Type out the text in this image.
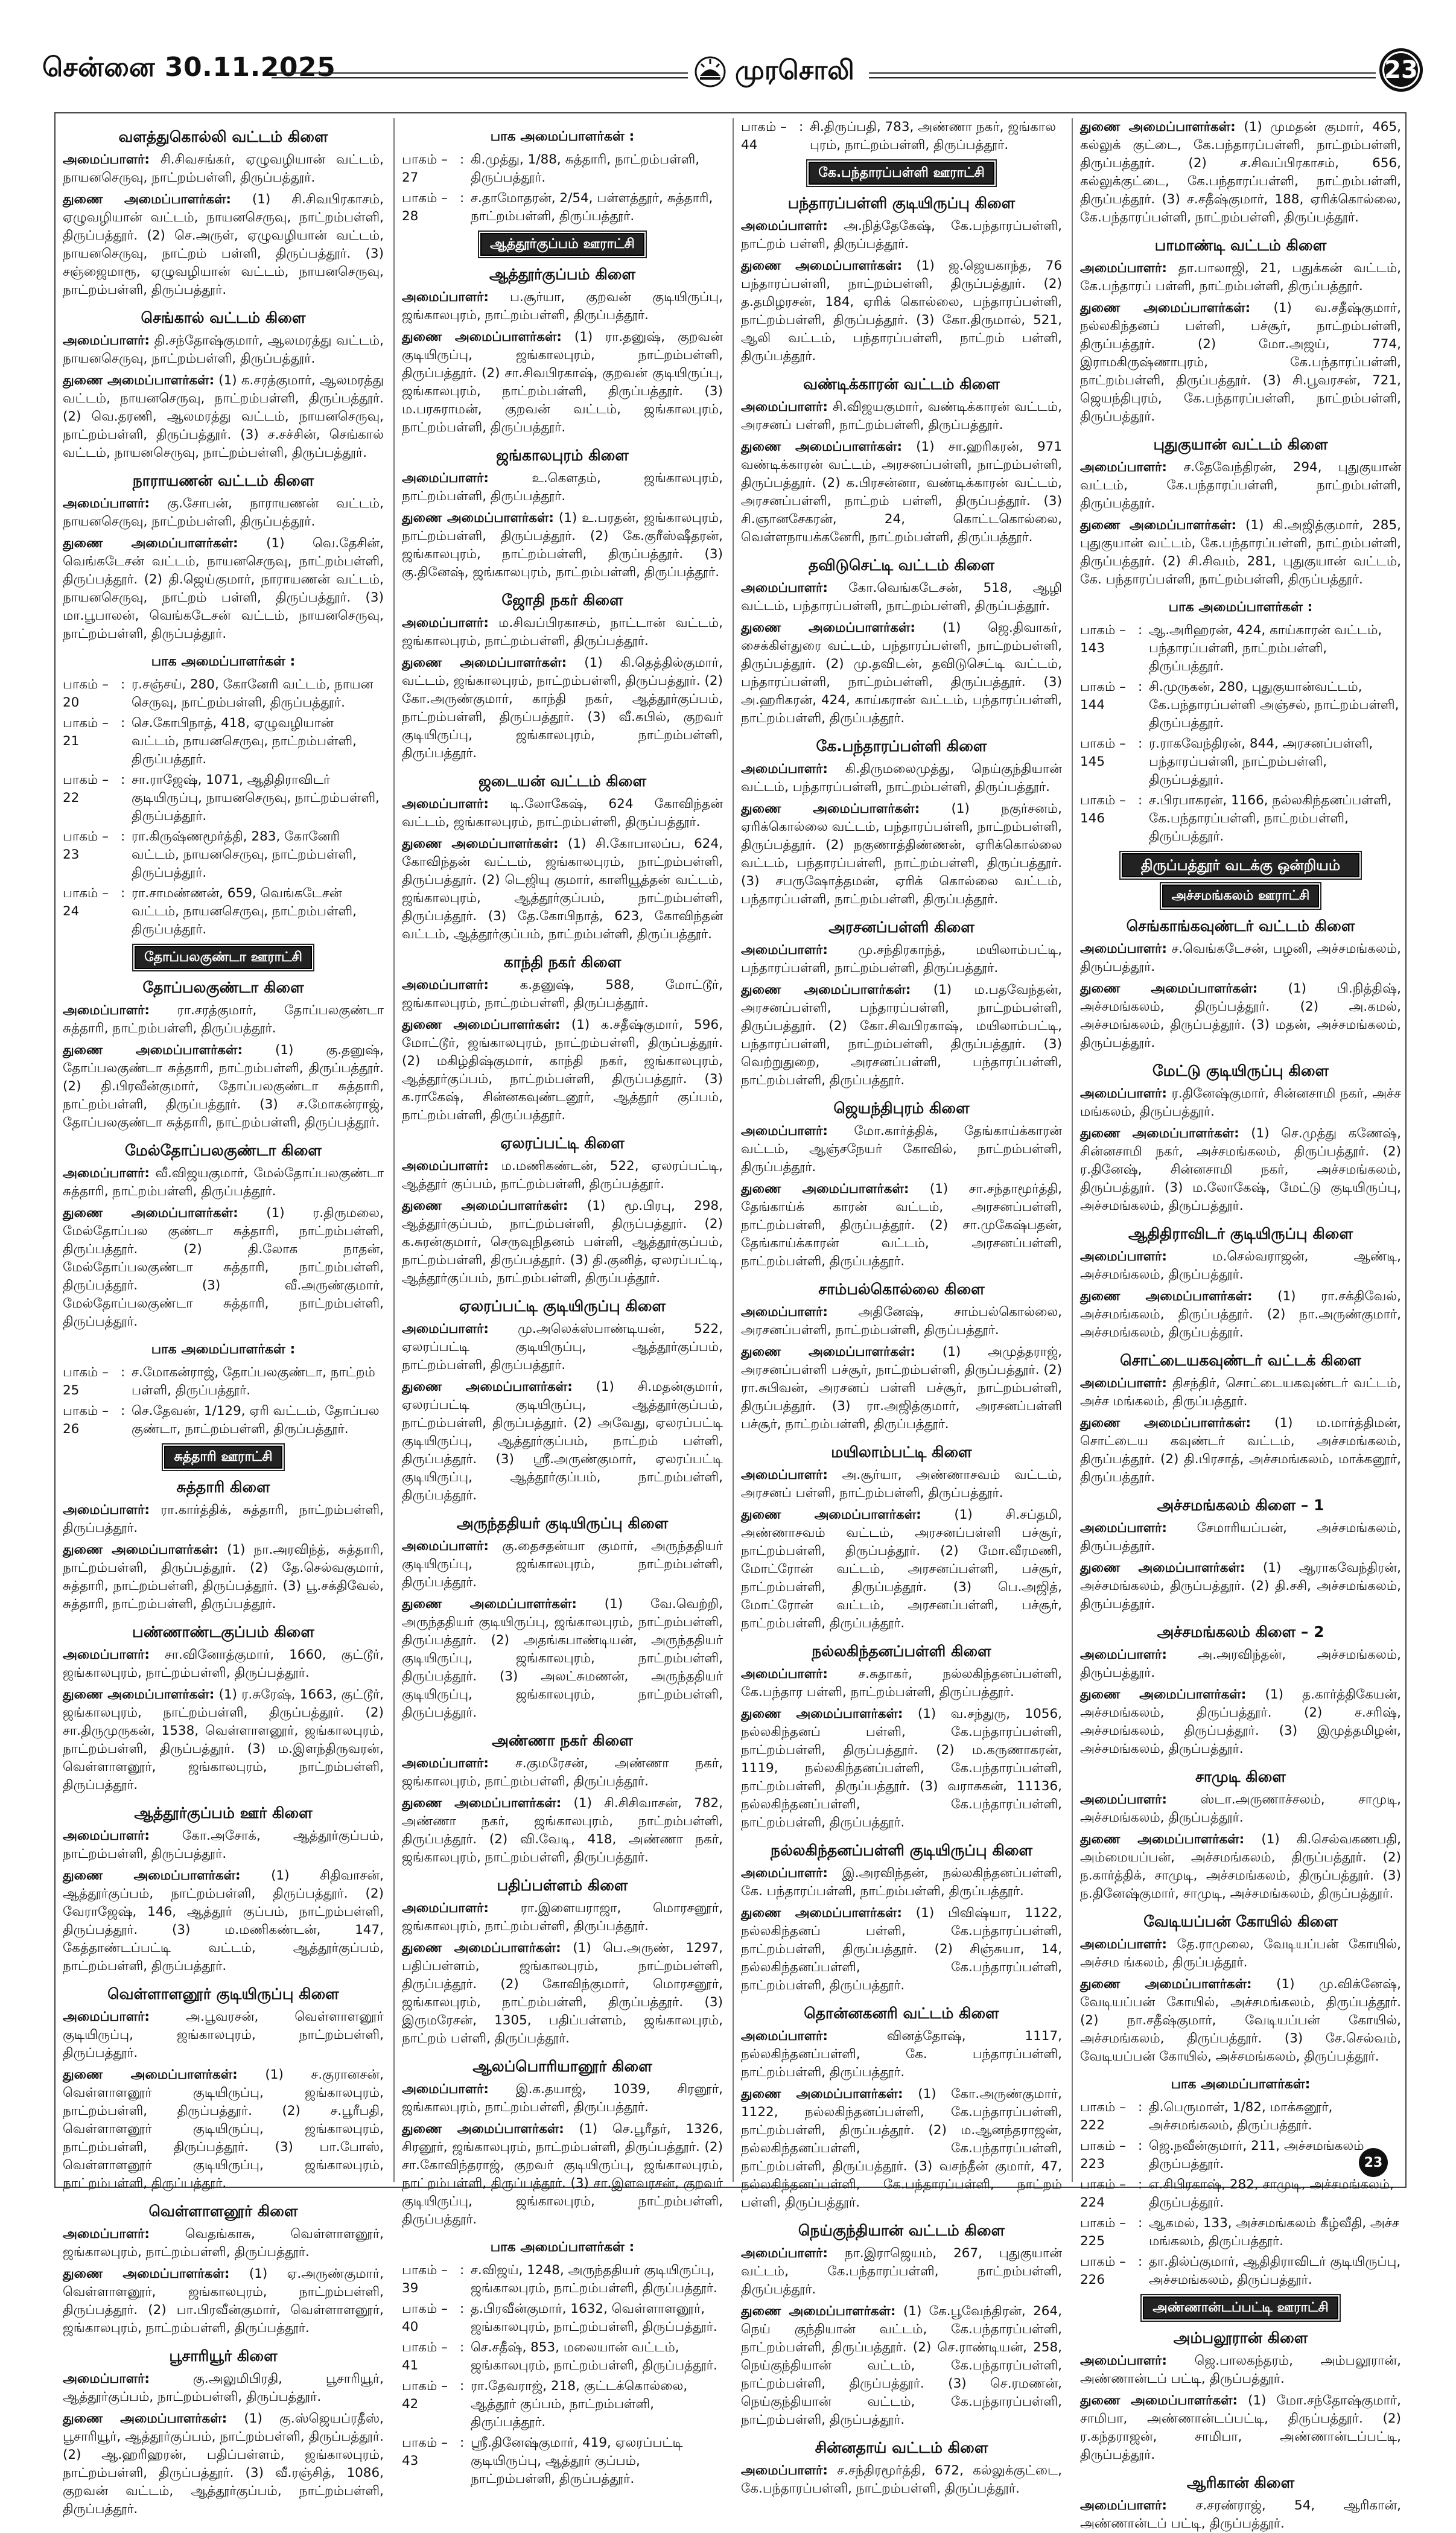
சென்னை 30.11.2025	முரசொலி	23
வளத்துகொல்லி வட்டம் கிளை

அமைப்பாளர்: சி.சிவசங்கர், ஏழுவழியான் வட்டம், நாயனசெருவு, நாட்றம்பள்ளி, திருப்பத்தூர்.

துணை அமைப்பாளர்கள்: (1) சி.சிவபிரகாசம், ஏழுவழியான் வட்டம், நாயனசெருவு, நாட்றம்பள்ளி, திருப்பத்தூர். (2) செ.அருள், ஏழுவழியான் வட்டம், நாயனசெருவு, நாட்றம் பள்ளி, திருப்பத்தூர். (3) சஞ்ஜைமாரூ, ஏழுவழியான் வட்டம், நாயனசெருவு, நாட்றம்பள்ளி, திருப்பத்தூர்.

செங்கால் வட்டம் கிளை

அமைப்பாளர்: தி.சந்தோஷ்குமார், ஆலமரத்து வட்டம், நாயனசெருவு, நாட்றம்பள்ளி, திருப்பத்தூர்.

துணை அமைப்பாளர்கள்: (1) க.சரத்குமார், ஆலமரத்து வட்டம், நாயனசெருவு, நாட்றம்பள்ளி, திருப்பத்தூர். (2) வெ.தரணி, ஆலமரத்து வட்டம், நாயனசெருவு, நாட்றம்பள்ளி, திருப்பத்தூர். (3) ச.சச்சின், செங்கால் வட்டம், நாயனசெருவு, நாட்றம்பள்ளி, திருப்பத்தூர்.

நாராயணன் வட்டம் கிளை

அமைப்பாளர்: கு.சோபன், நாராயணன் வட்டம், நாயனசெருவு, நாட்றம்பள்ளி, திருப்பத்தூர்.

துணை அமைப்பாளர்கள்: (1) வெ.தேசின், வெங்கடேசன் வட்டம், நாயனசெருவு, நாட்றம்பள்ளி, திருப்பத்தூர். (2) தி.ஜெய்குமார், நாராயணன் வட்டம், நாயனசெருவு, நாட்றம் பள்ளி, திருப்பத்தூர். (3) மா.பூபாலன், வெங்கடேசன் வட்டம், நாயனசெருவு, நாட்றம்பள்ளி, திருப்பத்தூர்.

பாக அமைப்பாளர்கள் :
பாகம் – 20
: ர.சஞ்சய், 280, கோனேரி வட்டம், நாயன செருவு, நாட்றம்பள்ளி, திருப்பத்தூர்.
பாகம் – 21
: செ.கோபிநாத், 418, ஏழுவழியான் வட்டம், நாயனசெருவு, நாட்றம்பள்ளி, திருப்பத்தூர்.
பாகம் – 22
: சா.ராஜேஷ், 1071, ஆதிதிராவிடர் குடியிருப்பு, நாயனசெருவு, நாட்றம்பள்ளி, திருப்பத்தூர்.
பாகம் – 23
: ரா.கிருஷ்ணமூர்த்தி, 283, கோனேரி வட்டம், நாயனசெருவு, நாட்றம்பள்ளி, திருப்பத்தூர்.
பாகம் – 24
: ரா.சாமண்ணன், 659, வெங்கடேசன் வட்டம், நாயனசெருவு, நாட்றம்பள்ளி, திருப்பத்தூர்.
தோப்பலகுண்டா ஊராட்சி
தோப்பலகுண்டா கிளை

அமைப்பாளர்: ரா.சரத்குமார், தோப்பலகுண்டா சுத்தாரி, நாட்றம்பள்ளி, திருப்பத்தூர்.

துணை அமைப்பாளர்கள்:	(1) கு.தனுஷ், தோப்பலகுண்டா சுத்தாரி, நாட்றம்பள்ளி, திருப்பத்தூர். (2) தி.பிரவீன்குமார், தோப்பலகுண்டா சுத்தாரி, நாட்றம்பள்ளி, திருப்பத்தூர். (3) ச.மோகன்ராஜ், தோப்பலகுண்டா சுத்தாரி, நாட்றம்பள்ளி, திருப்பத்தூர்.

மேல்தோப்பலகுண்டா கிளை

அமைப்பாளர்: வீ.விஜயகுமார், மேல்தோப்பலகுண்டா சுத்தாரி, நாட்றம்பள்ளி, திருப்பத்தூர்.

துணை அமைப்பாளர்கள்: (1) ர.திருமலை, மேல்தோப்பல குண்டா சுத்தாரி, நாட்றம்பள்ளி, திருப்பத்தூர். (2) தி.லோக நாதன், மேல்தோப்பலகுண்டா சுத்தாரி, நாட்றம்பள்ளி, திருப்பத்தூர். (3) வீ.அருண்குமார், மேல்தோப்பலகுண்டா சுத்தாரி, நாட்றம்பள்ளி, திருப்பத்தூர்.

பாக அமைப்பாளர்கள் :
பாகம் – 25
: ச.மோகன்ராஜ், தோப்பலகுண்டா, நாட்றம் பள்ளி, திருப்பத்தூர்.
பாகம் – 26
: செ.தேவன், 1/129, ஏரி வட்டம், தோப்பல குண்டா, நாட்றம்பள்ளி, திருப்பத்தூர்.
சுத்தாரி ஊராட்சி
சுத்தாரி கிளை

அமைப்பாளர்: ரா.கார்த்திக், சுத்தாரி, நாட்றம்பள்ளி, திருப்பத்தூர்.

துணை அமைப்பாளர்கள்: (1) நா.அரவிந்த், சுத்தாரி, நாட்றம்பள்ளி, திருப்பத்தூர். (2) தே.செல்வகுமார், சுத்தாரி, நாட்றம்பள்ளி, திருப்பத்தூர். (3) பூ.சக்திவேல், சுத்தாரி, நாட்றம்பள்ளி, திருப்பத்தூர்.

பண்ணாண்டகுப்பம் கிளை

அமைப்பாளர்: சா.வினோத்குமார், 1660, குட்டூர், ஜங்காலபுரம், நாட்றம்பள்ளி, திருப்பத்தூர்.

துணை அமைப்பாளர்கள்: (1) ர.சுரேஷ், 1663, குட்டூர், ஜங்காலபுரம், நாட்றம்பள்ளி, திருப்பத்தூர். (2) சா.திருமுருகன், 1538, வெள்ளாளனூர், ஜங்காலபுரம், நாட்றம்பள்ளி, திருப்பத்தூர். (3) ம.இளந்திருவரன், வெள்ளாளனூர், ஜங்காலபுரம், நாட்றம்பள்ளி, திருப்பத்தூர்.

ஆத்தூர்குப்பம் ஊர் கிளை

அமைப்பாளர்:	கோ.அசோக், ஆத்தூர்குப்பம், நாட்றம்பள்ளி, திருப்பத்தூர்.

துணை அமைப்பாளர்கள்: (1) சிதிவாசன், ஆத்தூர்குப்பம், நாட்றம்பள்ளி, திருப்பத்தூர். (2) வேராஜேஷ், 146, ஆத்தூர் குப்பம், நாட்றம்பள்ளி, திருப்பத்தூர். (3) ம.மணிகண்டன், 147, கேத்தாண்டப்பட்டி வட்டம், ஆத்தூர்குப்பம், நாட்றம்பள்ளி, திருப்பத்தூர்.

வெள்ளாளனூர் குடியிருப்பு கிளை

அமைப்பாளர்:	அ.பூவரசன், வெள்ளாளனூர் குடியிருப்பு, ஜங்காலபுரம், நாட்றம்பள்ளி, திருப்பத்தூர்.

துணை அமைப்பாளர்கள்: (1) ச.குரானசன், வெள்ளாளனூர் குடியிருப்பு, ஜங்காலபுரம், நாட்றம்பள்ளி, திருப்பத்தூர். (2) ச.பூரீபதி, வெள்ளாளனூர் குடியிருப்பு, ஜங்காலபுரம், நாட்றம்பள்ளி, திருப்பத்தூர். (3) பா.போஸ், வெள்ளாளனூர் குடியிருப்பு, ஜங்காலபுரம், நாட்றம்பள்ளி, திருப்பத்தூர்.

வெள்ளாளனூர் கிளை

அமைப்பாளர்:	வெதங்காசு, வெள்ளாளனூர், ஜங்காலபுரம், நாட்றம்பள்ளி, திருப்பத்தூர்.

துணை அமைப்பாளர்கள்: (1) ஏ.அருண்குமார், வெள்ளாளனூர், ஜங்காலபுரம், நாட்றம்பள்ளி, திருப்பத்தூர். (2) பா.பிரவீன்குமார், வெள்ளாளனூர், ஜங்காலபுரம், நாட்றம்பள்ளி, திருப்பத்தூர்.

பூசாரியூர் கிளை

அமைப்பாளர்:	கு.அலுமிபிரதி, பூசாரியூர், ஆத்தூர்குப்பம், நாட்றம்பள்ளி, திருப்பத்தூர்.

துணை அமைப்பாளர்கள்: (1) கு.ஸ்ஜெயப்ரதீஸ், பூசாரியூர், ஆத்தூர்குப்பம், நாட்றம்பள்ளி, திருப்பத்தூர். (2) ஆ.ஹரிஹரன், பதிப்பள்ளம், ஜங்காலபுரம், நாட்றம்பள்ளி, திருப்பத்தூர். (3) வீ.ரஞ்சித், 1086, குறவன் வட்டம், ஆத்தூர்குப்பம், நாட்றம்பள்ளி, திருப்பத்தூர்.

பாக அமைப்பாளர்கள் :
பாகம் – 27
: கி.முத்து, 1/88, சுத்தாரி, நாட்றம்பள்ளி, திருப்பத்தூர்.
பாகம் – 28
: ச.தாமோதரன், 2/54, பள்ளத்தூர், சுத்தாரி, நாட்றம்பள்ளி, திருப்பத்தூர்.
ஆத்தூர்குப்பம் ஊராட்சி
ஆத்தூர்குப்பம் கிளை

அமைப்பாளர்: ப.சூர்யா, குறவன் குடியிருப்பு, ஜங்காலபுரம், நாட்றம்பள்ளி, திருப்பத்தூர்.

துணை அமைப்பாளர்கள்: (1) ரா.தனுஷ், குறவன் குடியிருப்பு, ஜங்காலபுரம், நாட்றம்பள்ளி, திருப்பத்தூர். (2) சா.சிவபிரகாஷ், குறவன் குடியிருப்பு, ஜங்காலபுரம், நாட்றம்பள்ளி, திருப்பத்தூர். (3) ம.பரசுராமன், குறவன் வட்டம், ஜங்காலபுரம், நாட்றம்பள்ளி, திருப்பத்தூர்.

ஜங்காலபுரம் கிளை

அமைப்பாளர்:	உ.கௌதம், ஜங்காலபுரம், நாட்றம்பள்ளி, திருப்பத்தூர்.

துணை அமைப்பாளர்கள்: (1) உ.பரதன், ஜங்காலபுரம், நாட்றம்பள்ளி, திருப்பத்தூர். (2) கே.குரீஸ்ஷீதரன், ஜங்காலபுரம், நாட்றம்பள்ளி, திருப்பத்தூர். (3) கு.தினேஷ், ஜங்காலபுரம், நாட்றம்பள்ளி, திருப்பத்தூர்.

ஜோதி நகர் கிளை

அமைப்பாளர்: ம.சிவப்பிரகாசம், நாட்டான் வட்டம், ஜங்காலபுரம், நாட்றம்பள்ளி, திருப்பத்தூர்.

துணை அமைப்பாளர்கள்: (1) கி.தெத்தில்குமார், வட்டம், ஜங்காலபுரம், நாட்றம்பள்ளி, திருப்பத்தூர். (2) கோ.அருண்குமார், காந்தி நகர், ஆத்தூர்குப்பம், நாட்றம்பள்ளி, திருப்பத்தூர். (3) வீ.கபில், குறவர் குடியிருப்பு, ஜங்காலபுரம், நாட்றம்பள்ளி, திருப்பத்தூர்.

ஜடையன் வட்டம் கிளை

அமைப்பாளர்: டி.லோகேஷ், 624 கோவிந்தன் வட்டம், ஜங்காலபுரம், நாட்றம்பள்ளி, திருப்பத்தூர்.

துணை அமைப்பாளர்கள்: (1) சி.கோபாலப்ப, 624, கோவிந்தன் வட்டம், ஜங்காலபுரம், நாட்றம்பள்ளி, திருப்பத்தூர். (2) டெஜியு குமார், காளியூத்தன் வட்டம், ஜங்காலபுரம், ஆத்தூர்குப்பம், நாட்றம்பள்ளி, திருப்பத்தூர். (3) தே.கோபிநாத், 623, கோவிந்தன் வட்டம், ஆத்தூர்குப்பம், நாட்றம்பள்ளி, திருப்பத்தூர்.

காந்தி நகர் கிளை

அமைப்பாளர்: க.தனுஷ், 588, மோட்டூர், ஜங்காலபுரம், நாட்றம்பள்ளி, திருப்பத்தூர்.

துணை அமைப்பாளர்கள்: (1) க.சதீஷ்குமார், 596, மோட்டூர், ஜங்காலபுரம், நாட்றம்பள்ளி, திருப்பத்தூர். (2) மகிழ்திஷ்குமார், காந்தி நகர், ஜங்காலபுரம், ஆத்தூர்குப்பம், நாட்றம்பள்ளி, திருப்பத்தூர். (3) க.ராகேஷ், சின்னகவுண்டனூர், ஆத்தூர் குப்பம், நாட்றம்பள்ளி, திருப்பத்தூர்.

ஏலரப்பட்டி கிளை

அமைப்பாளர்: ம.மணிகண்டன், 522, ஏலரப்பட்டி, ஆத்தூர் குப்பம், நாட்றம்பள்ளி, திருப்பத்தூர்.

துணை அமைப்பாளர்கள்: (1) மூ.பிரபு, 298, ஆத்தூர்குப்பம், நாட்றம்பள்ளி, திருப்பத்தூர். (2) க.சுரன்குமார், செருவுநிதனம் பள்ளி, ஆத்தூர்குப்பம், நாட்றம்பள்ளி, திருப்பத்தூர். (3) தி.குனித், ஏலரப்பட்டி, ஆத்தூர்குப்பம், நாட்றம்பள்ளி, திருப்பத்தூர்.

ஏலரப்பட்டி குடியிருப்பு கிளை

அமைப்பாளர்: மு.அலெக்ஸ்பாண்டியன், 522, ஏலரப்பட்டி குடியிருப்பு, ஆத்தூர்குப்பம், நாட்றம்பள்ளி, திருப்பத்தூர்.

துணை அமைப்பாளர்கள்: (1) சி.மதன்குமார், ஏலரப்பட்டி குடியிருப்பு, ஆத்தூர்குப்பம், நாட்றம்பள்ளி, திருப்பத்தூர். (2) அவேது, ஏலரப்பட்டி குடியிருப்பு, ஆத்தூர்குப்பம், நாட்றம் பள்ளி, திருப்பத்தூர். (3) ஸ்ரீ.அருண்குமார், ஏலரப்பட்டி குடியிருப்பு, ஆத்தூர்குப்பம், நாட்றம்பள்ளி, திருப்பத்தூர்.

அருந்ததியர் குடியிருப்பு கிளை

அமைப்பாளர்: கு.தைசதன்யா குமார், அருந்ததியர் குடியிருப்பு, ஜங்காலபுரம், நாட்றம்பள்ளி, திருப்பத்தூர்.

துணை அமைப்பாளர்கள்: (1) வே.வெற்றி, அருந்ததியர் குடியிருப்பு, ஜங்காலபுரம், நாட்றம்பள்ளி, திருப்பத்தூர். (2) அதங்கபாண்டியன், அருந்ததியர் குடியிருப்பு, ஜங்காலபுரம், நாட்றம்பள்ளி, திருப்பத்தூர். (3) அலட்சுமணன், அருந்ததியர் குடியிருப்பு, ஜங்காலபுரம், நாட்றம்பள்ளி, திருப்பத்தூர்.

அண்ணா நகர் கிளை

அமைப்பாளர்: ச.குமரேசன், அண்ணா நகர், ஜங்காலபுரம், நாட்றம்பள்ளி, திருப்பத்தூர்.

துணை அமைப்பாளர்கள்: (1) சி.சிசிவாசன், 782, அண்ணா நகர், ஜங்காலபுரம், நாட்றம்பள்ளி, திருப்பத்தூர். (2) வி.வேடி, 418, அண்ணா நகர், ஜங்காலபுரம், நாட்றம்பள்ளி, திருப்பத்தூர்.

பதிப்பள்ளம் கிளை

அமைப்பாளர்: ரா.இளையராஜா, மொரசனூர், ஜங்காலபுரம், நாட்றம்பள்ளி, திருப்பத்தூர்.

துணை அமைப்பாளர்கள்: (1) பெ.அருண், 1297, பதிப்பள்ளம், ஜங்காலபுரம், நாட்றம்பள்ளி, திருப்பத்தூர். (2) கோவிந்குமார், மொரசனூர், ஜங்காலபுரம், நாட்றம்பள்ளி, திருப்பத்தூர். (3) இருமரேசன், 1305, பதிப்பள்ளம், ஜங்காலபுரம், நாட்றம் பள்ளி, திருப்பத்தூர்.

ஆலப்பொரியானூர் கிளை

அமைப்பாளர்: இ.க.தயாஜ், 1039, சிரனூர், ஜங்காலபுரம், நாட்றம்பள்ளி, திருப்பத்தூர்.

துணை அமைப்பாளர்கள்: (1) செ.பூரீதர், 1326, சிரனூர், ஜங்காலபுரம், நாட்றம்பள்ளி, திருப்பத்தூர். (2) சா.கோவிந்தராஜ், குறவர் குடியிருப்பு, ஜங்காலபுரம், நாட்றம்பள்ளி, திருப்பத்தூர். (3) சா.இளவரசன், குறவர் குடியிருப்பு, ஜங்காலபுரம், நாட்றம்பள்ளி, திருப்பத்தூர்.

பாக அமைப்பாளர்கள் :
பாகம் – 39
: ச.விஜய், 1248, அருந்ததியர் குடியிருப்பு, ஜங்காலபுரம், நாட்றம்பள்ளி, திருப்பத்தூர்.
பாகம் – 40
: த.பிரவீன்குமார், 1632, வெள்ளாளனூர், ஜங்காலபுரம், நாட்றம்பள்ளி, திருப்பத்தூர்.
பாகம் – 41
: செ.சதீஷ், 853, மலையான் வட்டம், ஜங்காலபுரம், நாட்றம்பள்ளி, திருப்பத்தூர்.
பாகம் – 42
: ரா.தேவராஜ், 218, குட்டக்கொல்லை, ஆத்தூர் குப்பம், நாட்றம்பள்ளி, திருப்பத்தூர்.
பாகம் – 43
: ஸ்ரீ.தினேஷ்குமார், 419, ஏலரப்பட்டி குடியிருப்பு, ஆத்தூர் குப்பம், நாட்றம்பள்ளி, திருப்பத்தூர்.
பாகம் – 44
: சி.திருப்பதி, 783, அண்ணா நகர், ஜங்கால புரம், நாட்றம்பள்ளி, திருப்பத்தூர்.
கே.பந்தாரப்பள்ளி ஊராட்சி
பந்தாரப்பள்ளி குடியிருப்பு கிளை

அமைப்பாளர்: அ.நித்தேகேஷ், கே.பந்தாரப்பள்ளி, நாட்றம் பள்ளி, திருப்பத்தூர்.

துணை அமைப்பாளர்கள்: (1) ஜ.ஜெயகாந்த, 76 பந்தாரப்பள்ளி, நாட்றம்பள்ளி, திருப்பத்தூர். (2) த.தமிழரசன், 184, ஏரிக் கொல்லை, பந்தாரப்பள்ளி, நாட்றம்பள்ளி, திருப்பத்தூர். (3) கோ.திருமால், 521, ஆலி வட்டம், பந்தாரப்பள்ளி, நாட்றம் பள்ளி, திருப்பத்தூர்.

வண்டிக்காரன் வட்டம் கிளை

அமைப்பாளர்: சி.விஜயகுமார், வண்டிக்காரன் வட்டம், அரசனப் பள்ளி, நாட்றம்பள்ளி, திருப்பத்தூர்.

துணை அமைப்பாளர்கள்: (1) சா.ஹரிகரன், 971 வண்டிக்காரன் வட்டம், அரசனப்பள்ளி, நாட்றம்பள்ளி, திருப்பத்தூர். (2) க.பிரசன்னா, வண்டிக்காரன் வட்டம், அரசனப்பள்ளி, நாட்றம் பள்ளி, திருப்பத்தூர். (3) சி.ஞானசேகரன், 24, கொட்டகொல்லை, வெள்ளநாயக்கனேரி, நாட்றம்பள்ளி, திருப்பத்தூர்.

தவிடுசெட்டி வட்டம் கிளை

அமைப்பாளர்: கோ.வெங்கடேசன், 518, ஆழி வட்டம், பந்தாரப்பள்ளி, நாட்றம்பள்ளி, திருப்பத்தூர்.

துணை அமைப்பாளர்கள்: (1) ஜெ.திவாகர், சைக்கிள்துரை வட்டம், பந்தாரப்பள்ளி, நாட்றம்பள்ளி, திருப்பத்தூர். (2) மு.தவிடன், தவிடுசெட்டி வட்டம், பந்தாரப்பள்ளி, நாட்றம்பள்ளி, திருப்பத்தூர். (3) அ.ஹரிகரன், 424, காய்கரான் வட்டம், பந்தாரப்பள்ளி, நாட்றம்பள்ளி, திருப்பத்தூர்.

கே.பந்தாரப்பள்ளி கிளை

அமைப்பாளர்: கி.திருமலைமுத்து, நெய்குந்தியான் வட்டம், பந்தாரப்பள்ளி, நாட்றம்பள்ளி, திருப்பத்தூர்.

துணை அமைப்பாளர்கள்: (1) நகுர்சனம், ஏரிக்கொல்லை வட்டம், பந்தாரப்பள்ளி, நாட்றம்பள்ளி, திருப்பத்தூர். (2) நகுணாத்திண்ணன், ஏரிக்கொல்லை வட்டம், பந்தாரப்பள்ளி, நாட்றம்பள்ளி, திருப்பத்தூர். (3) சபருஷோத்தமன், ஏரிக் கொல்லை வட்டம், பந்தாரப்பள்ளி, நாட்றம்பள்ளி, திருப்பத்தூர்.

அரசனப்பள்ளி கிளை

அமைப்பாளர்: மு.சந்திரகாந்த், மயிலாம்பட்டி, பந்தாரப்பள்ளி, நாட்றம்பள்ளி, திருப்பத்தூர்.

துணை அமைப்பாளர்கள்: (1) ம.பதவேந்தன், அரசனப்பள்ளி, பந்தாரப்பள்ளி, நாட்றம்பள்ளி, திருப்பத்தூர். (2) கோ.சிவபிரகாஷ், மயிலாம்பட்டி, பந்தாரப்பள்ளி, நாட்றம்பள்ளி, திருப்பத்தூர். (3) வெற்றுதுறை, அரசனப்பள்ளி, பந்தாரப்பள்ளி, நாட்றம்பள்ளி, திருப்பத்தூர்.

ஜெயந்திபுரம் கிளை

அமைப்பாளர்: மோ.கார்த்திக், தேங்காய்க்காரன் வட்டம், ஆஞ்சநேயர் கோவில், நாட்றம்பள்ளி, திருப்பத்தூர்.

துணை அமைப்பாளர்கள்: (1) சா.சந்தாமூர்த்தி, தேங்காய்க் காரன் வட்டம், அரசனப்பள்ளி, நாட்றம்பள்ளி, திருப்பத்தூர். (2) சா.முகேஷ்பதன், தேங்காய்க்காரன் வட்டம், அரசனப்பள்ளி, நாட்றம்பள்ளி, திருப்பத்தூர்.

சாம்பல்கொல்லை கிளை

அமைப்பாளர்: அதினேஷ், சாம்பல்கொல்லை, அரசனப்பள்ளி, நாட்றம்பள்ளி, திருப்பத்தூர்.

துணை அமைப்பாளர்கள்: (1) அமுத்தராஜ், அரசனப்பள்ளி பச்சூர், நாட்றம்பள்ளி, திருப்பத்தூர். (2) ரா.சுபிவன், அரசனப் பள்ளி பச்சூர், நாட்றம்பள்ளி, திருப்பத்தூர். (3) ரா.அஜித்குமார், அரசனப்பள்ளி பச்சூர், நாட்றம்பள்ளி, திருப்பத்தூர்.

மயிலாம்பட்டி கிளை

அமைப்பாளர்: அ.சூர்யா, அண்ணாசவம் வட்டம், அரசனப் பள்ளி, நாட்றம்பள்ளி, திருப்பத்தூர்.

துணை அமைப்பாளர்கள்:	(1) சி.சப்தமி, அண்ணாசவம் வட்டம், அரசனப்பள்ளி பச்சூர், நாட்றம்பள்ளி, திருப்பத்தூர். (2) மோ.வீரமணி, மோட்ரோன் வட்டம், அரசனப்பள்ளி, பச்சூர், நாட்றம்பள்ளி, திருப்பத்தூர். (3) பெ.அஜித், மோட்ரோன் வட்டம், அரசனப்பள்ளி, பச்சூர், நாட்றம்பள்ளி, திருப்பத்தூர்.

நல்லகிந்தனப்பள்ளி கிளை

அமைப்பாளர்: ச.சுதாகர், நல்லகிந்தனப்பள்ளி, கே.பந்தார பள்ளி, நாட்றம்பள்ளி, திருப்பத்தூர்.

துணை அமைப்பாளர்கள்: (1) வ.சந்துரு, 1056, நல்லகிந்தனப் பள்ளி, கே.பந்தாரப்பள்ளி, நாட்றம்பள்ளி, திருப்பத்தூர். (2) ம.கருணாகரன், 1119, நல்லகிந்தனப்பள்ளி, கே.பந்தாரப்பள்ளி, நாட்றம்பள்ளி, திருப்பத்தூர். (3) வராசுகன், 11136, நல்லகிந்தனப்பள்ளி, கே.பந்தாரப்பள்ளி, நாட்றம்பள்ளி, திருப்பத்தூர்.

நல்லகிந்தனப்பள்ளி குடியிருப்பு கிளை

அமைப்பாளர்: இ.அரவிந்தன், நல்லகிந்தனப்பள்ளி, கே. பந்தாரப்பள்ளி, நாட்றம்பள்ளி, திருப்பத்தூர்.

துணை அமைப்பாளர்கள்: (1) பிவிஷ்யா, 1122, நல்லகிந்தனப் பள்ளி, கே.பந்தாரப்பள்ளி, நாட்றம்பள்ளி, திருப்பத்தூர். (2) சிஞ்சுயா, 14, நல்லகிந்தனப்பள்ளி, கே.பந்தாரப்பள்ளி, நாட்றம்பள்ளி, திருப்பத்தூர்.

தொன்னகனரி வட்டம் கிளை

அமைப்பாளர்:	வினத்தோஷ், 1117, நல்லகிந்தனப்பள்ளி, கே. பந்தாரப்பள்ளி, நாட்றம்பள்ளி, திருப்பத்தூர்.

துணை அமைப்பாளர்கள்: (1) கோ.அருண்குமார், 1122, நல்லகிந்தனப்பள்ளி, கே.பந்தாரப்பள்ளி, நாட்றம்பள்ளி, திருப்பத்தூர். (2) ம.ஆனந்தராஜன், நல்லகிந்தனப்பள்ளி, கே.பந்தாரப்பள்ளி, நாட்றம்பள்ளி, திருப்பத்தூர். (3) வசந்தீன் குமார், 47, நல்லகிந்தனப்பள்ளி, கே.பந்தாரப்பள்ளி, நாட்றம் பள்ளி, திருப்பத்தூர்.

நெய்குந்தியான் வட்டம் கிளை

அமைப்பாளர்: நா.இராஜெயம், 267, புதுகுயான் வட்டம், கே.பந்தாரப்பள்ளி, நாட்றம்பள்ளி, திருப்பத்தூர்.

துணை அமைப்பாளர்கள்: (1) கே.பூவேந்திரன், 264, நெய் குந்தியான் வட்டம், கே.பந்தாரப்பள்ளி, நாட்றம்பள்ளி, திருப்பத்தூர். (2) செ.ராண்டியன், 258, நெய்குந்தியான் வட்டம், கே.பந்தாரப்பள்ளி, நாட்றம்பள்ளி, திருப்பத்தூர். (3) செ.ரமணன், நெய்குந்தியான் வட்டம், கே.பந்தாரப்பள்ளி, நாட்றம்பள்ளி, திருப்பத்தூர்.

சின்னதாய் வட்டம் கிளை

அமைப்பாளர்: ச.சந்திரமூர்த்தி, 672, கல்லுக்குட்டை, கே.பந்தாரப்பள்ளி, நாட்றம்பள்ளி, திருப்பத்தூர்.

துணை அமைப்பாளர்கள்: (1) முமதன் குமார், 465, கல்லுக் குட்டை, கே.பந்தாரப்பள்ளி, நாட்றம்பள்ளி, திருப்பத்தூர். (2) ச.சிவப்பிரகாசம், 656, கல்லுக்குட்டை, கே.பந்தாரப்பள்ளி, நாட்றம்பள்ளி, திருப்பத்தூர். (3) ச.சதீஷ்குமார், 188, ஏரிக்கொல்லை, கே.பந்தாரப்பள்ளி, நாட்றம்பள்ளி, திருப்பத்தூர்.

பாமாண்டி வட்டம் கிளை

அமைப்பாளர்: தா.பாலாஜி, 21, பதுக்கன் வட்டம், கே.பந்தாரப் பள்ளி, நாட்றம்பள்ளி, திருப்பத்தூர்.

துணை அமைப்பாளர்கள்: (1) வ.சதீஷ்குமார், நல்லகிந்தனப் பள்ளி, பச்சூர், நாட்றம்பள்ளி, திருப்பத்தூர். (2) மோ.அஜய், 774, இராமகிருஷ்ணாபுரம், கே.பந்தாரப்பள்ளி, நாட்றம்பள்ளி, திருப்பத்தூர். (3) சி.பூவரசன், 721, ஜெயந்திபுரம், கே.பந்தாரப்பள்ளி, நாட்றம்பள்ளி, திருப்பத்தூர்.

புதுகுயான் வட்டம் கிளை

அமைப்பாளர்: ச.தேவேந்திரன், 294, புதுகுயான் வட்டம், கே.பந்தாரப்பள்ளி, நாட்றம்பள்ளி, திருப்பத்தூர்.

துணை அமைப்பாளர்கள்: (1) கி.அஜித்குமார், 285, புதுகுயான் வட்டம், கே.பந்தாரப்பள்ளி, நாட்றம்பள்ளி, திருப்பத்தூர். (2) சி.சிவம், 281, புதுகுயான் வட்டம், கே. பந்தாரப்பள்ளி, நாட்றம்பள்ளி, திருப்பத்தூர்.

பாக அமைப்பாளர்கள் :
பாகம் – 143
: ஆ.அரிஹரன், 424, காய்காரன் வட்டம், பந்தாரப்பள்ளி, நாட்றம்பள்ளி, திருப்பத்தூர்.
பாகம் – 144
: சி.முருகன், 280, புதுகுயான்வட்டம், கே.பந்தாரப்பள்ளி அஞ்சல், நாட்றம்பள்ளி, திருப்பத்தூர்.
பாகம் – 145
: ர.ராகவேந்திரன், 844, அரசனப்பள்ளி, பந்தாரப்பள்ளி, நாட்றம்பள்ளி, திருப்பத்தூர்.
பாகம் – 146
: ச.பிரபாகரன், 1166, நல்லகிந்தனப்பள்ளி, கே.பந்தாரப்பள்ளி, நாட்றம்பள்ளி, திருப்பத்தூர்.
திருப்பத்தூர் வடக்கு ஒன்றியம்
அச்சமங்கலம் ஊராட்சி
செங்காங்கவுண்டர் வட்டம் கிளை

அமைப்பாளர்: ச.வெங்கடேசன், பழனி, அச்சமங்கலம், திருப்பத்தூர்.

துணை அமைப்பாளர்கள்: (1) பி.நித்திஷ், அச்சமங்கலம், திருப்பத்தூர். (2) அ.கமல், அச்சமங்கலம், திருப்பத்தூர். (3) மதன், அச்சமங்கலம், திருப்பத்தூர்.

மேட்டு குடியிருப்பு கிளை

அமைப்பாளர்: ர.தினேஷ்குமார், சின்னசாமி நகர், அச்ச மங்கலம், திருப்பத்தூர்.

துணை அமைப்பாளர்கள்: (1) செ.முத்து கணேஷ், சின்னசாமி நகர், அச்சமங்கலம், திருப்பத்தூர். (2) ர.தினேஷ், சின்னசாமி நகர், அச்சமங்கலம், திருப்பத்தூர். (3) ம.லோகேஷ், மேட்டு குடியிருப்பு, அச்சமங்கலம், திருப்பத்தூர்.

ஆதிதிராவிடர் குடியிருப்பு கிளை

அமைப்பாளர்:	ம.செல்வராஜன், ஆண்டி, அச்சமங்கலம், திருப்பத்தூர்.

துணை அமைப்பாளர்கள்: (1) ரா.சக்திவேல், அச்சமங்கலம், திருப்பத்தூர். (2) நா.அருண்குமார், அச்சமங்கலம், திருப்பத்தூர்.

சொட்டையகவுண்டர் வட்டக் கிளை

அமைப்பாளர்: திசந்திர், சொட்டையகவுண்டர் வட்டம், அச்ச மங்கலம், திருப்பத்தூர்.

துணை அமைப்பாளர்கள்: (1) ம.மார்த்திமன், சொட்டைய கவுண்டர் வட்டம், அச்சமங்கலம், திருப்பத்தூர். (2) தி.பிரசாத், அச்சமங்கலம், மாக்கனூர், திருப்பத்தூர்.

அச்சமங்கலம் கிளை – 1

அமைப்பாளர்: சேமாரியப்பன், அச்சமங்கலம், திருப்பத்தூர்.

துணை அமைப்பாளர்கள்: (1) ஆராகவேந்திரன், அச்சமங்கலம், திருப்பத்தூர். (2) தி.சசி, அச்சமங்கலம், திருப்பத்தூர்.

அச்சமங்கலம் கிளை – 2

அமைப்பாளர்: அ.அரவிந்தன், அச்சமங்கலம், திருப்பத்தூர்.

துணை அமைப்பாளர்கள்: (1) த.கார்த்திகேயன், அச்சமங்கலம், திருப்பத்தூர். (2) ச.சரிஷ், அச்சமங்கலம், திருப்பத்தூர். (3) இமுத்தமிழன், அச்சமங்கலம், திருப்பத்தூர்.

சாமுடி கிளை

அமைப்பாளர்:	ஸ்டா.அருணாச்சலம், சாமுடி, அச்சமங்கலம், திருப்பத்தூர்.

துணை அமைப்பாளர்கள்: (1) கி.செல்வகணபதி, அம்மையப்பன், அச்சமங்கலம், திருப்பத்தூர். (2) ந.கார்த்திக், சாமுடி, அச்சமங்கலம், திருப்பத்தூர். (3) ந.தினேஷ்குமார், சாமுடி, அச்சமங்கலம், திருப்பத்தூர்.

வேடியப்பன் கோயில் கிளை

அமைப்பாளர்: தே.ராமுலை, வேடியப்பன் கோயில், அச்சம ங்கலம், திருப்பத்தூர்.

துணை அமைப்பாளர்கள்: (1) மு.விக்னேஷ், வேடியப்பன் கோயில், அச்சமங்கலம், திருப்பத்தூர். (2) நா.சதீஷ்குமார், வேடியப்பன் கோயில், அச்சமங்கலம், திருப்பத்தூர். (3) சே.செல்வம், வேடியப்பன் கோயில், அச்சமங்கலம், திருப்பத்தூர்.

பாக அமைப்பாளர்கள்:
பாகம் – 222
: தி.பெருமாள், 1/82, மாக்கனூர், அச்சமங்கலம், திருப்பத்தூர்.
பாகம் – 223
: ஜெ.நவீன்குமார், 211, அச்சமங்கலம் திருப்பத்தூர்.
பாகம் – 224
: எ.சிபிரகாஷ், 282, சாமுடி, அச்சமங்கலம், திருப்பத்தூர்.
பாகம் – 225
: ஆகமல், 133, அச்சமங்கலம் கீழ்வீதி, அச்ச மங்கலம், திருப்பத்தூர்.
பாகம் – 226
: தா.தில்ப்குமார், ஆதிதிராவிடர் குடியிருப்பு, அச்சமங்கலம், திருப்பத்தூர்.
அண்ணான்டப்பட்டி ஊராட்சி
அம்பலூரான் கிளை

அமைப்பாளர்: ஜெ.பாலகந்தரம், அம்பலூரான், அண்ணான்டப் பட்டி, திருப்பத்தூர்.

துணை அமைப்பாளர்கள்: (1) மோ.சந்தோஷ்குமார், சாமிபா, அண்ணான்டப்பட்டி, திருப்பத்தூர். (2) ர.கந்தராஜன், சாமிபா, அண்ணான்டப்பட்டி, திருப்பத்தூர்.

ஆரிகான் கிளை

அமைப்பாளர்: ச.சரண்ராஜ், 54, ஆரிகான், அண்ணான்டப் பட்டி, திருப்பத்தூர்.

23
